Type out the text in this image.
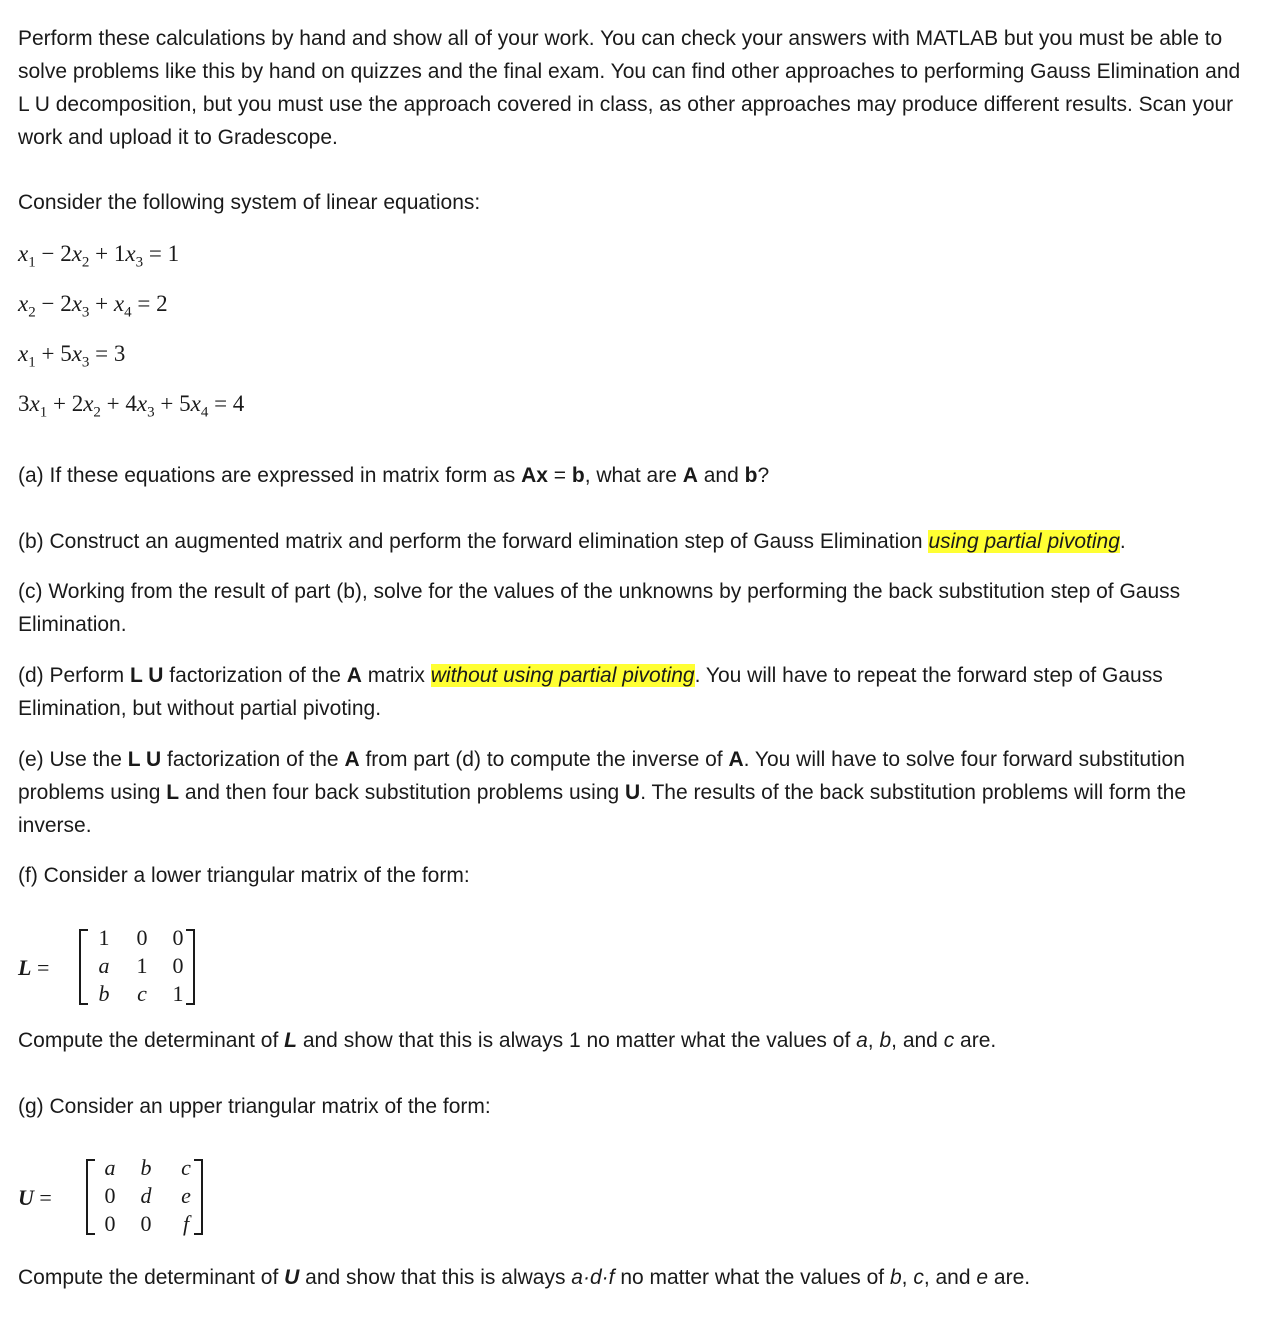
Perform these calculations by hand and show all of your work. You can check your answers with MATLAB but you must be able to solve problems like this by hand on quizzes and the final exam. You can find other approaches to performing Gauss Elimination and L U decomposition, but you must use the approach covered in class, as other approaches may produce different results. Scan your work and upload it to Gradescope.

Consider the following system of linear equations:

$x_1 - 2x_2 + 1x_3 = 1$
$x_2 - 2x_3 + x_4 = 2$
$x_1 + 5x_3 = 3$
$3x_1 + 2x_2 + 4x_3 + 5x_4 = 4$

(a) If these equations are expressed in matrix form as Ax = b, what are A and b?

(b) Construct an augmented matrix and perform the forward elimination step of Gauss Elimination using partial pivoting.

(c) Working from the result of part (b), solve for the values of the unknowns by performing the back substitution step of Gauss Elimination.

(d) Perform L U factorization of the A matrix without using partial pivoting. You will have to repeat the forward step of Gauss Elimination, but without partial pivoting.

(e) Use the L U factorization of the A from part (d) to compute the inverse of A. You will have to solve four forward substitution problems using L and then four back substitution problems using U. The results of the back substitution problems will form the inverse.

(f) Consider a lower triangular matrix of the form:

L =
1 0 0
a 1 0
b	c	1

Compute the determinant of L and show that this is always 1 no matter what the values of a, b, and c are.

(g) Consider an upper triangular matrix of the form:

U =
a b	c
0 d	e
0 0	f

Compute the determinant of U and show that this is always a·d·f no matter what the values of b, c, and e are.
